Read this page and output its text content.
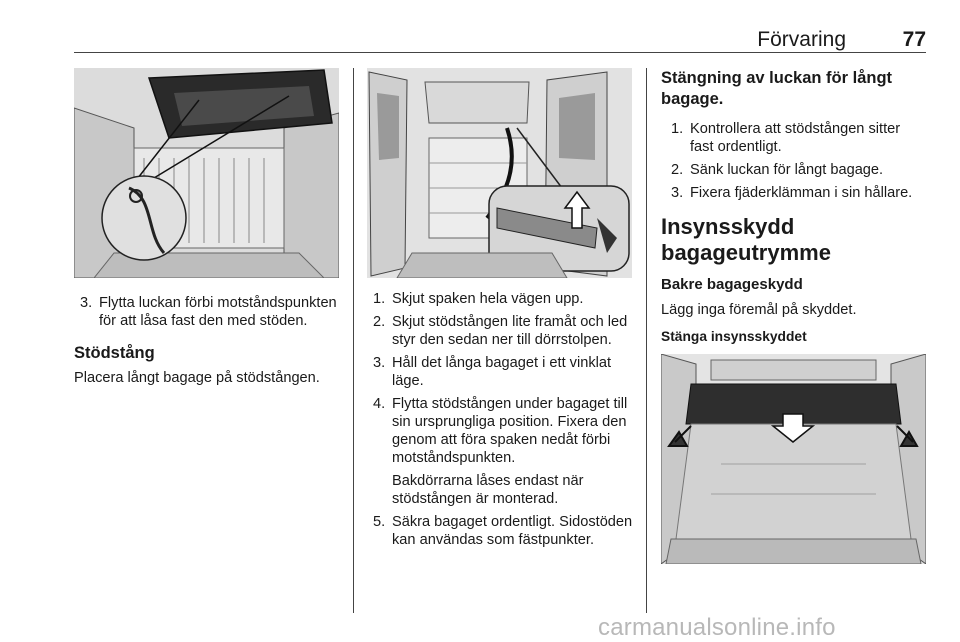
Förvaring	77
3. Flytta luckan förbi motståndspunkten för att låsa fast den med stöden.
Stödstång

Placera långt bagage på stödstången.

1. Skjut spaken hela vägen upp.
2. Skjut stödstången lite framåt och led styr den sedan ner till dörrstolpen.
3. Håll det långa bagaget i ett vinklat läge.
4. Flytta stödstången under bagaget till sin ursprungliga position. Fixera den genom att föra spaken nedåt förbi motståndspunkten.

Bakdörrarna låses endast när stödstången är monterad.

5. Säkra bagaget ordentligt. Sidostöden kan användas som fästpunkter.
Stängning av luckan för långt bagage.
1. Kontrollera att stödstången sitter fast ordentligt.
2. Sänk luckan för långt bagage.
3. Fixera fjäderklämman i sin hållare.
Insynsskydd bagageutrymme
Bakre bagageskydd

Lägg inga föremål på skyddet.

Stänga insynsskyddet
carmanualsonline.info
